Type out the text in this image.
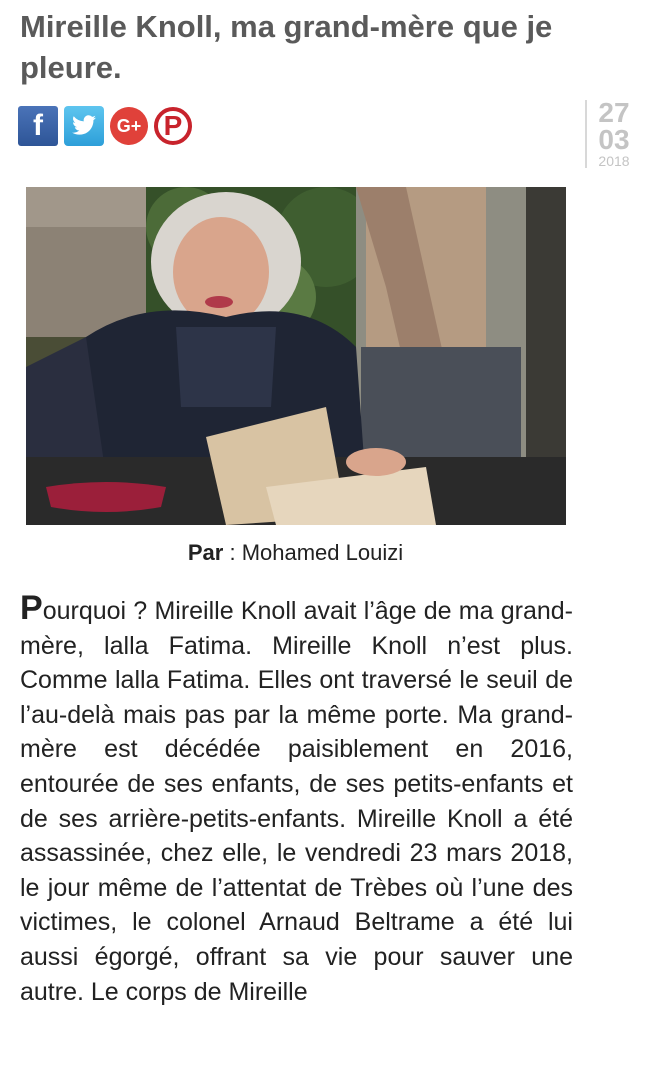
Mireille Knoll, ma grand-mère que je pleure.
f	G+ P	27
03
2018
Par : Mohamed Louizi

Pourquoi ? Mireille Knoll avait l’âge de ma grand-mère, lalla Fatima. Mireille Knoll n’est plus. Comme lalla Fatima. Elles ont traversé le seuil de l’au-delà mais pas par la même porte. Ma grand-mère est décédée paisiblement en 2016, entourée de ses enfants, de ses petits-enfants et de ses arrière-petits-enfants. Mireille Knoll a été assassinée, chez elle, le vendredi 23 mars 2018, le jour même de l’attentat de Trèbes où l’une des victimes, le colonel Arnaud Beltrame a été lui aussi égorgé, offrant sa vie pour sauver une autre. Le corps de Mireille
